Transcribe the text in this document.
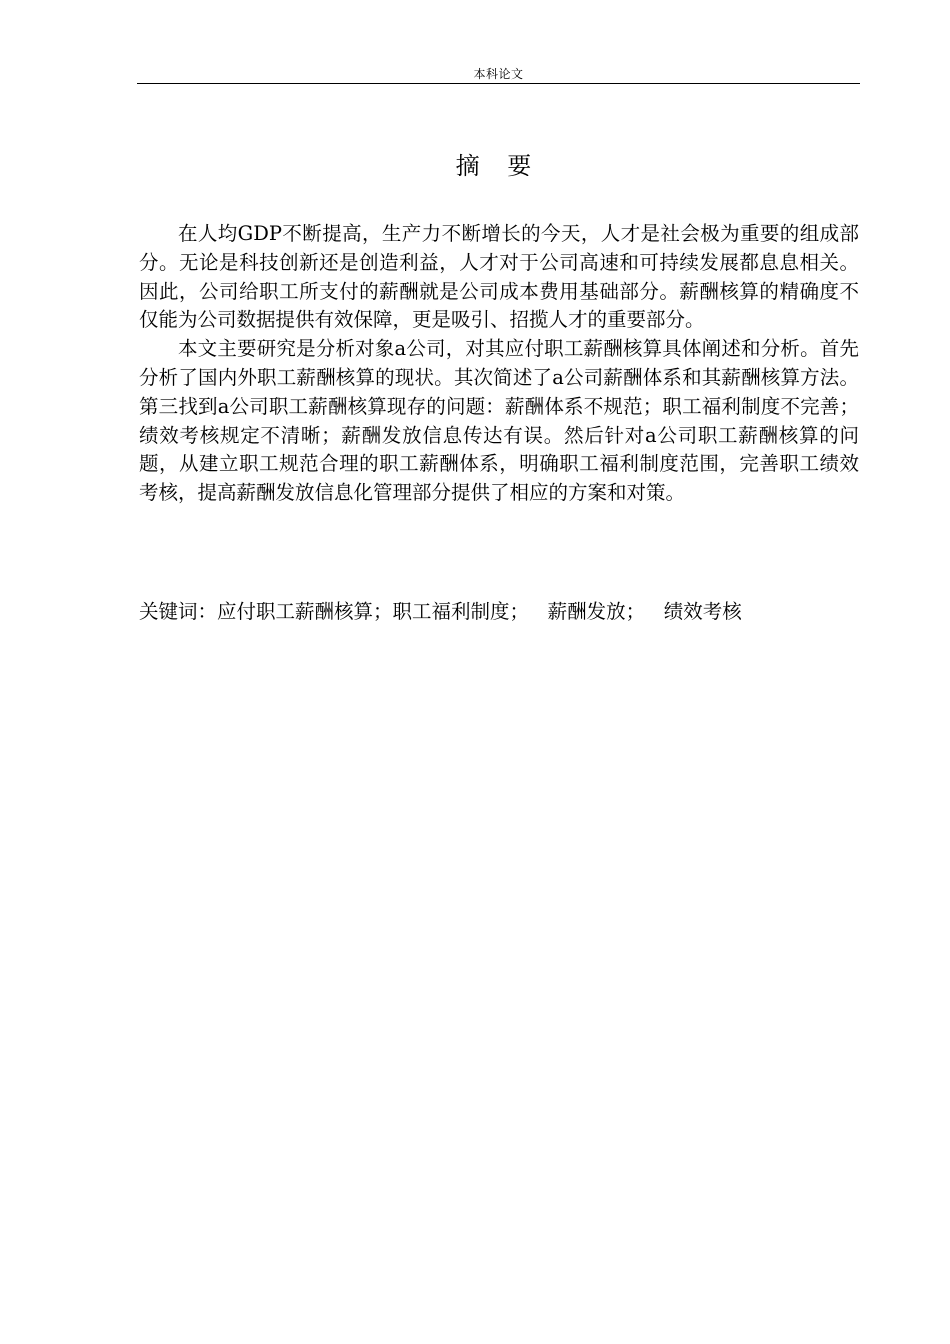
本科论文
摘 要

在人均GDP不断提高，生产力不断增长的今天，人才是社会极为重要的组成部分。无论是科技创新还是创造利益，人才对于公司高速和可持续发展都息息相关。因此，公司给职工所支付的薪酬就是公司成本费用基础部分。薪酬核算的精确度不仅能为公司数据提供有效保障，更是吸引、招揽人才的重要部分。

本文主要研究是分析对象a公司，对其应付职工薪酬核算具体阐述和分析。首先分析了国内外职工薪酬核算的现状。其次简述了a公司薪酬体系和其薪酬核算方法。第三找到a公司职工薪酬核算现存的问题：薪酬体系不规范；职工福利制度不完善；绩效考核规定不清晰；薪酬发放信息传达有误。然后针对a公司职工薪酬核算的问题，从建立职工规范合理的职工薪酬体系，明确职工福利制度范围，完善职工绩效考核，提高薪酬发放信息化管理部分提供了相应的方案和对策。

关键词：应付职工薪酬核算；职工福利制度； 薪酬发放； 绩效考核
